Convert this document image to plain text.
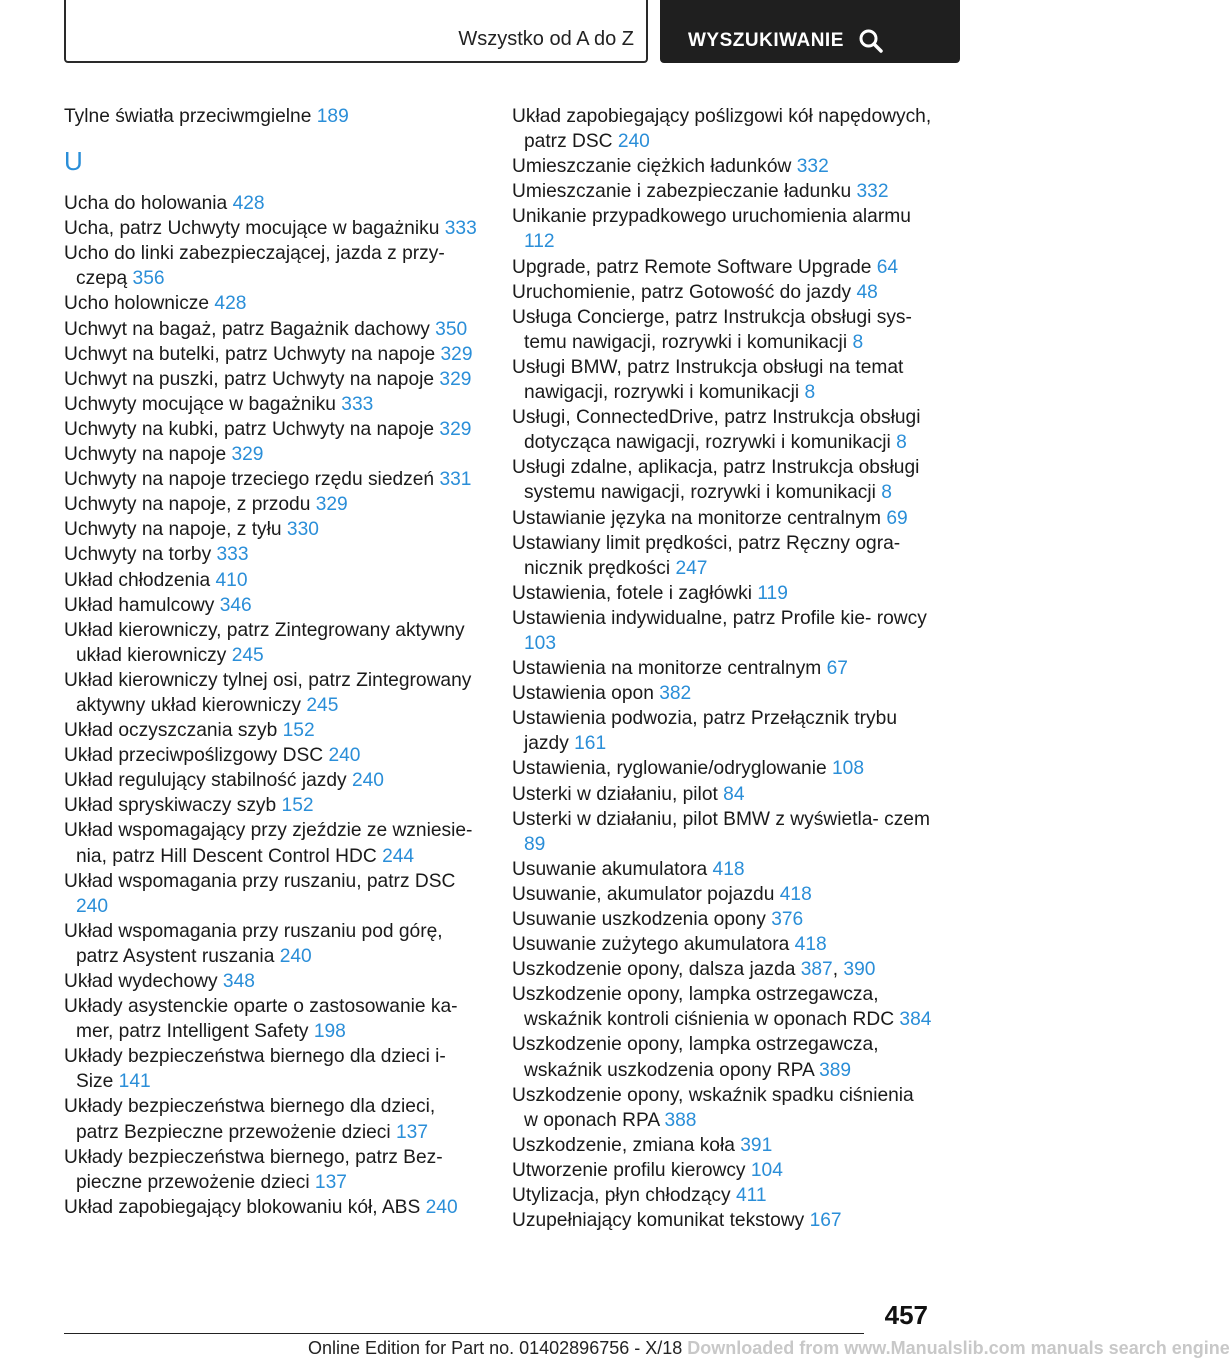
Wszystko od A do Z	WYSZUKIWANIE
Tylne światła przeciwmgielne 189
U
Ucha do holowania 428
Ucha, patrz Uchwyty mocujące w bagażniku 333
Ucho do linki zabezpieczającej, jazda z przy‐ czepą 356
Ucho holownicze 428
Uchwyt na bagaż, patrz Bagażnik dachowy 350
Uchwyt na butelki, patrz Uchwyty na napoje 329
Uchwyt na puszki, patrz Uchwyty na napoje 329
Uchwyty mocujące w bagażniku 333
Uchwyty na kubki, patrz Uchwyty na napoje 329
Uchwyty na napoje 329
Uchwyty na napoje trzeciego rzędu siedzeń 331
Uchwyty na napoje, z przodu 329
Uchwyty na napoje, z tyłu 330
Uchwyty na torby 333
Układ chłodzenia 410
Układ hamulcowy 346
Układ kierowniczy, patrz Zintegrowany aktywny układ kierowniczy 245
Układ kierowniczy tylnej osi, patrz Zintegrowany aktywny układ kierowniczy 245
Układ oczyszczania szyb 152
Układ przeciwpoślizgowy DSC 240
Układ regulujący stabilność jazdy 240
Układ spryskiwaczy szyb 152
Układ wspomagający przy zjeździe ze wzniesie‐ nia, patrz Hill Descent Control HDC 244
Układ wspomagania przy ruszaniu, patrz DSC 240
Układ wspomagania przy ruszaniu pod górę, patrz Asystent ruszania 240
Układ wydechowy 348
Układy asystenckie oparte o zastosowanie ka‐ mer, patrz Intelligent Safety 198
Układy bezpieczeństwa biernego dla dzieci i- Size 141
Układy bezpieczeństwa biernego dla dzieci, patrz Bezpieczne przewożenie dzieci 137
Układy bezpieczeństwa biernego, patrz Bez‐ pieczne przewożenie dzieci 137
Układ zapobiegający blokowaniu kół, ABS 240
Układ zapobiegający poślizgowi kół napędowych, patrz DSC 240
Umieszczanie ciężkich ładunków 332
Umieszczanie i zabezpieczanie ładunku 332
Unikanie przypadkowego uruchomienia alarmu 112
Upgrade, patrz Remote Software Upgrade 64
Uruchomienie, patrz Gotowość do jazdy 48
Usługa Concierge, patrz Instrukcja obsługi sys‐ temu nawigacji, rozrywki i komunikacji 8
Usługi BMW, patrz Instrukcja obsługi na temat nawigacji, rozrywki i komunikacji 8
Usługi, ConnectedDrive, patrz Instrukcja obsługi dotycząca nawigacji, rozrywki i komunikacji 8
Usługi zdalne, aplikacja, patrz Instrukcja obsługi systemu nawigacji, rozrywki i komunikacji 8
Ustawianie języka na monitorze centralnym 69
Ustawiany limit prędkości, patrz Ręczny ogra‐ nicznik prędkości 247
Ustawienia, fotele i zagłówki 119
Ustawienia indywidualne, patrz Profile kie‐ rowcy 103
Ustawienia na monitorze centralnym 67
Ustawienia opon 382
Ustawienia podwozia, patrz Przełącznik trybu jazdy 161
Ustawienia, ryglowanie/odryglowanie 108
Usterki w działaniu, pilot 84
Usterki w działaniu, pilot BMW z wyświetla‐ czem 89
Usuwanie akumulatora 418
Usuwanie, akumulator pojazdu 418
Usuwanie uszkodzenia opony 376
Usuwanie zużytego akumulatora 418
Uszkodzenie opony, dalsza jazda 387, 390
Uszkodzenie opony, lampka ostrzegawcza, wskaźnik kontroli ciśnienia w oponach RDC 384
Uszkodzenie opony, lampka ostrzegawcza, wskaźnik uszkodzenia opony RPA 389
Uszkodzenie opony, wskaźnik spadku ciśnienia w oponach RPA 388
Uszkodzenie, zmiana koła 391
Utworzenie profilu kierowcy 104
Utylizacja, płyn chłodzący 411
Uzupełniający komunikat tekstowy 167
457
Online Edition for Part no. 01402896756 - X/18 Downloaded from www.Manualslib.com manuals search engine
